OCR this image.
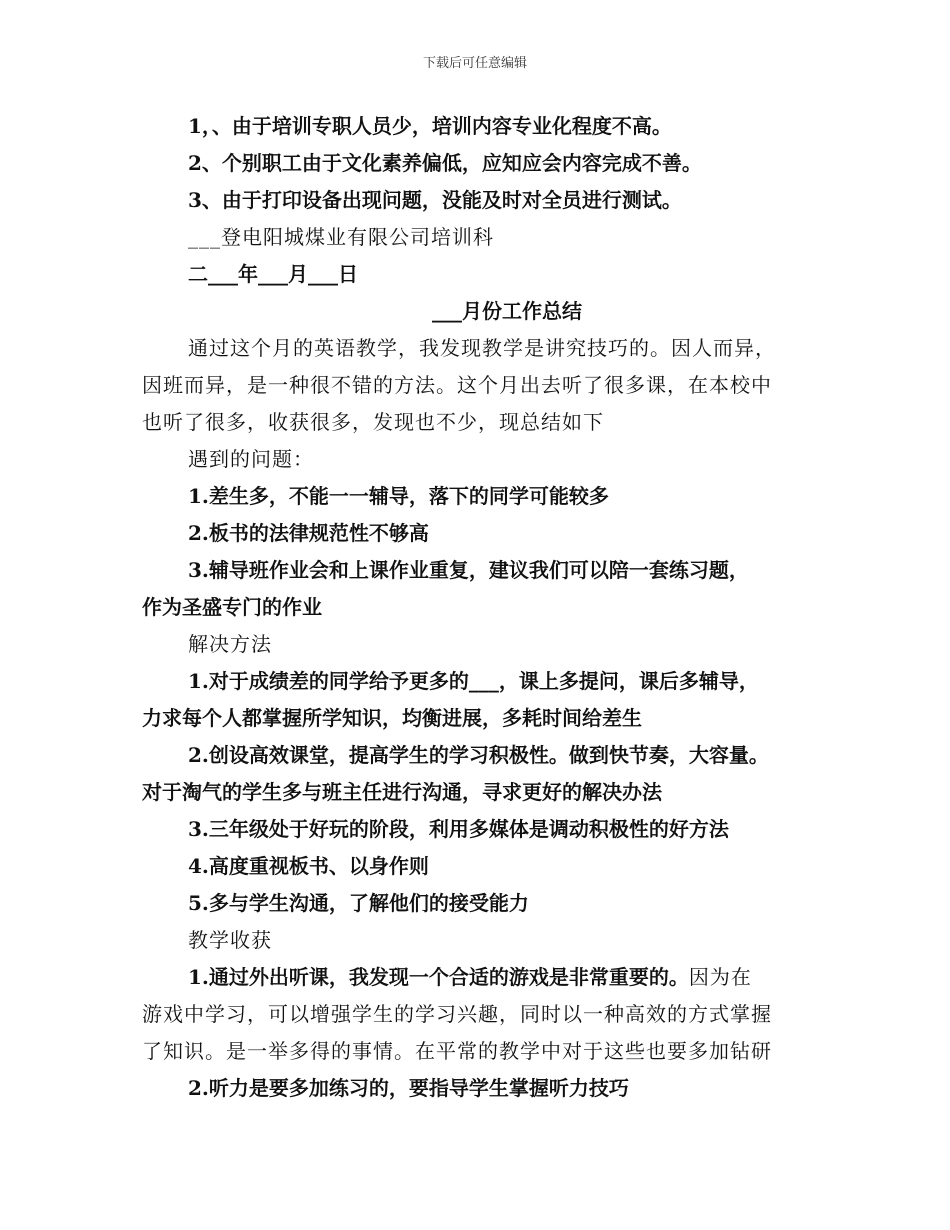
下载后可任意编辑

1，、由于培训专职人员少，培训内容专业化程度不高。

2、个别职工由于文化素养偏低，应知应会内容完成不善。

3、由于打印设备出现问题，没能及时对全员进行测试。

___登电阳城煤业有限公司培训科

二___年___月___日

___月份工作总结

通过这个月的英语教学，我发现教学是讲究技巧的。因人而异，

因班而异，是一种很不错的方法。这个月出去听了很多课，在本校中

也听了很多，收获很多，发现也不少，现总结如下

遇到的问题：

1.差生多，不能一一辅导，落下的同学可能较多

2.板书的法律规范性不够高

3.辅导班作业会和上课作业重复，建议我们可以陪一套练习题，

作为圣盛专门的作业

解决方法

1.对于成绩差的同学给予更多的___，课上多提问，课后多辅导，

力求每个人都掌握所学知识，均衡进展，多耗时间给差生

2.创设高效课堂，提高学生的学习积极性。做到快节奏，大容量。

对于淘气的学生多与班主任进行沟通，寻求更好的解决办法

3.三年级处于好玩的阶段，利用多媒体是调动积极性的好方法

4.高度重视板书、以身作则

5.多与学生沟通，了解他们的接受能力

教学收获

1.通过外出听课，我发现一个合适的游戏是非常重要的。因为在

游戏中学习，可以增强学生的学习兴趣，同时以一种高效的方式掌握

了知识。是一举多得的事情。在平常的教学中对于这些也要多加钻研

2.听力是要多加练习的，要指导学生掌握听力技巧
